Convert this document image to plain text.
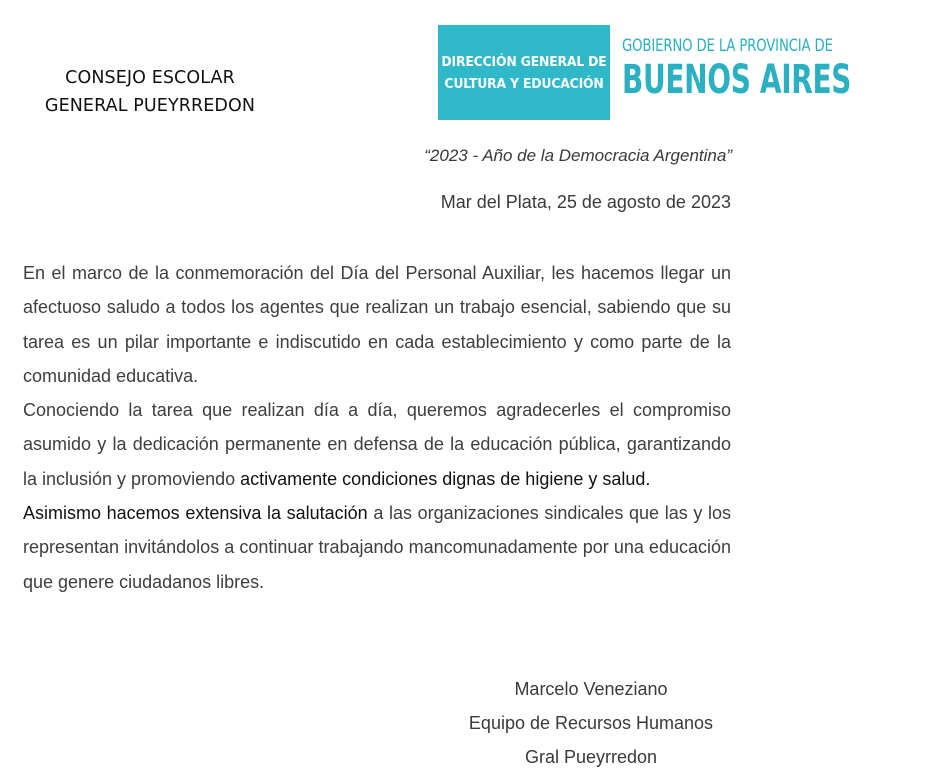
CONSEJO ESCOLAR
GENERAL PUEYRREDON
DIRECCIÓN GENERAL DE
CULTURA Y EDUCACIÓN
GOBIERNO DE LA PROVINCIA DE
BUENOS AIRES
“2023 - Año de la Democracia Argentina”
Mar del Plata, 25 de agosto de 2023

En el marco de la conmemoración del Día del Personal Auxiliar, les hacemos llegar un afectuoso saludo a todos los agentes que realizan un trabajo esencial, sabiendo que su tarea es un pilar importante e indiscutido en cada establecimiento y como parte de la comunidad educativa.

Conociendo la tarea que realizan día a día, queremos agradecerles el compromiso asumido y la dedicación permanente en defensa de la educación pública, garantizando la inclusión y promoviendo activamente condiciones dignas de higiene y salud.

Asimismo hacemos extensiva la salutación a las organizaciones sindicales que las y los representan invitándolos a continuar trabajando mancomunadamente por una educación que genere ciudadanos libres.

Marcelo Veneziano
Equipo de Recursos Humanos
Gral Pueyrredon
